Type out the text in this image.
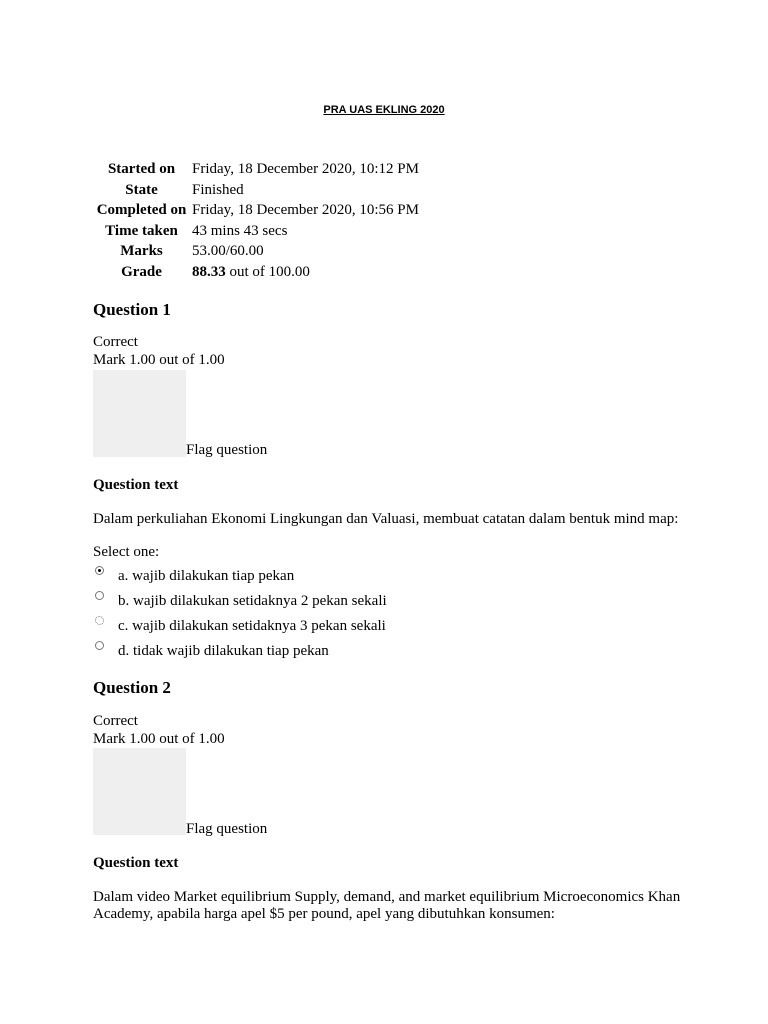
PRA UAS EKLING 2020
Started on	Friday, 18 December 2020, 10:12 PM
State	Finished
Completed on	Friday, 18 December 2020, 10:56 PM
Time taken	43 mins 43 secs
Marks	53.00/60.00
Grade	88.33 out of 100.00
Question 1
Correct
Mark 1.00 out of 1.00
Flag question
Question text
Dalam perkuliahan Ekonomi Lingkungan dan Valuasi, membuat catatan dalam bentuk mind map:
Select one:
a. wajib dilakukan tiap pekan
b. wajib dilakukan setidaknya 2 pekan sekali
c. wajib dilakukan setidaknya 3 pekan sekali
d. tidak wajib dilakukan tiap pekan
Question 2
Correct
Mark 1.00 out of 1.00
Flag question
Question text
Dalam video Market equilibrium Supply, demand, and market equilibrium Microeconomics Khan Academy, apabila harga apel $5 per pound, apel yang dibutuhkan konsumen:
